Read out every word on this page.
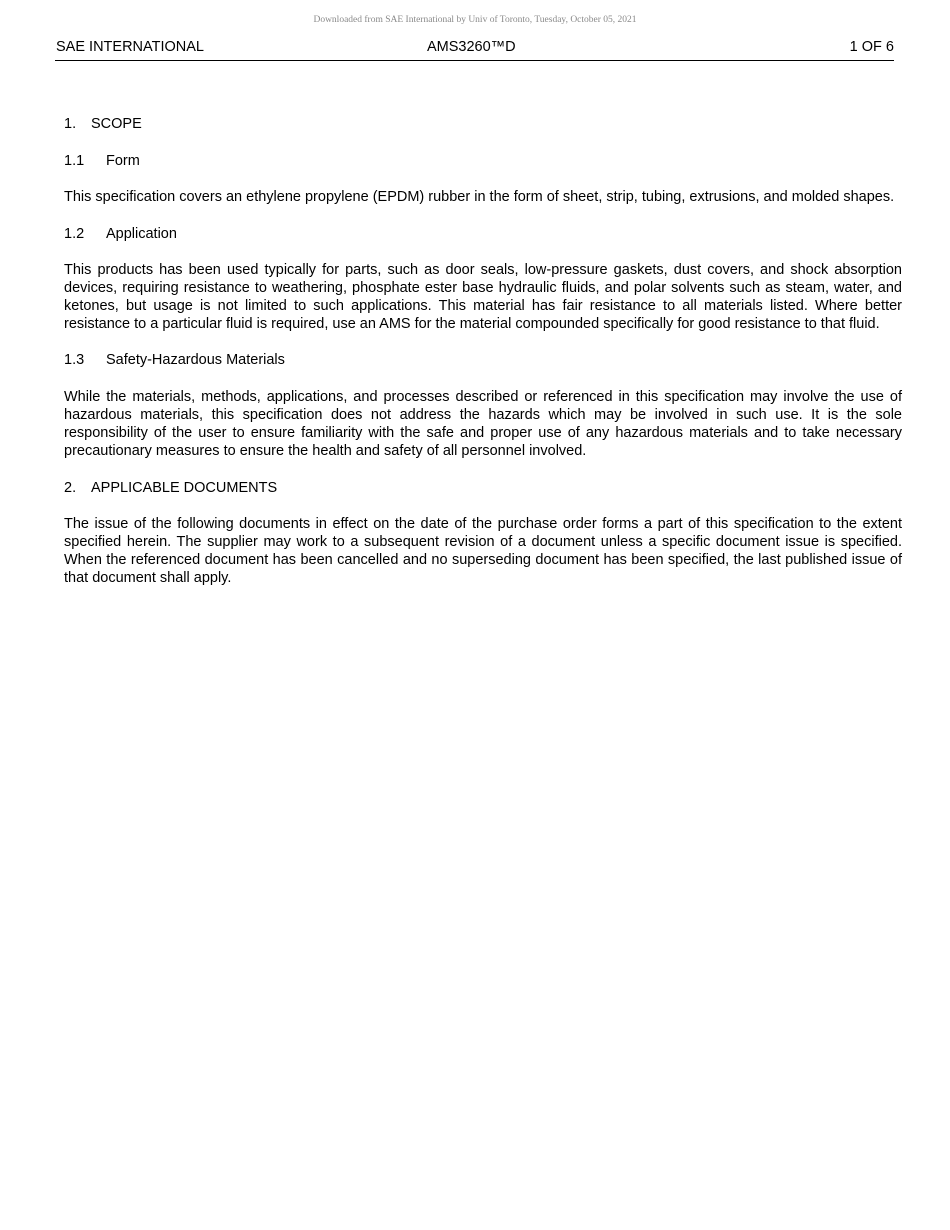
Downloaded from SAE International by Univ of Toronto, Tuesday, October 05, 2021
SAE INTERNATIONAL	AMS3260™D	1 OF 6
1. SCOPE
1.1 Form

This specification covers an ethylene propylene (EPDM) rubber in the form of sheet, strip, tubing, extrusions, and molded shapes.

1.2 Application

This products has been used typically for parts, such as door seals, low-pressure gaskets, dust covers, and shock absorption devices, requiring resistance to weathering, phosphate ester base hydraulic fluids, and polar solvents such as steam, water, and ketones, but usage is not limited to such applications. This material has fair resistance to all materials listed. Where better resistance to a particular fluid is required, use an AMS for the material compounded specifically for good resistance to that fluid.

1.3 Safety-Hazardous Materials

While the materials, methods, applications, and processes described or referenced in this specification may involve the use of hazardous materials, this specification does not address the hazards which may be involved in such use. It is the sole responsibility of the user to ensure familiarity with the safe and proper use of any hazardous materials and to take necessary precautionary measures to ensure the health and safety of all personnel involved.

2. APPLICABLE DOCUMENTS

The issue of the following documents in effect on the date of the purchase order forms a part of this specification to the extent specified herein. The supplier may work to a subsequent revision of a document unless a specific document issue is specified. When the referenced document has been cancelled and no superseding document has been specified, the last published issue of that document shall apply.
